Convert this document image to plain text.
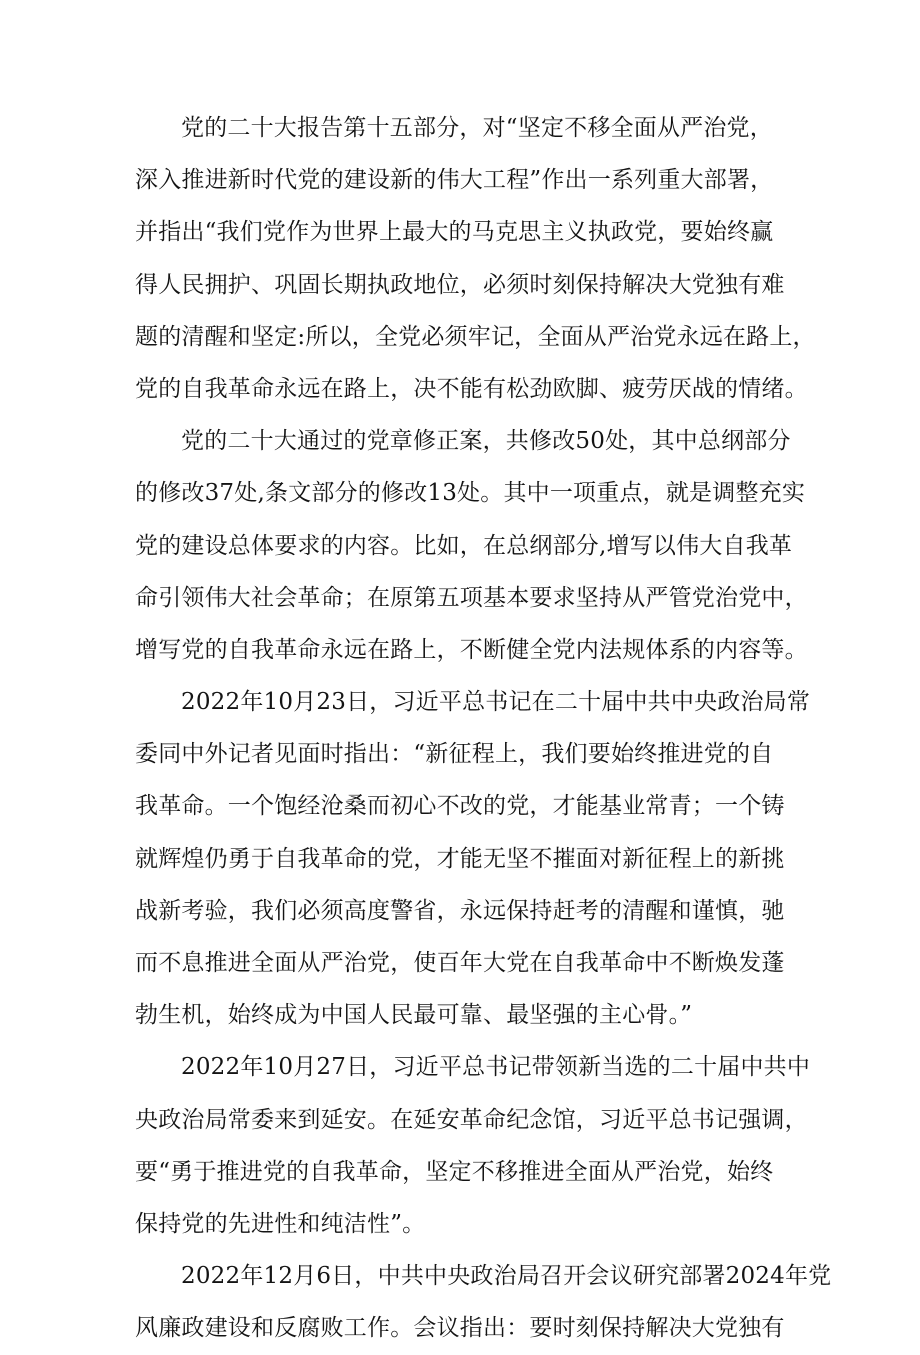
党的二十大报告第十五部分，对“坚定不移全面从严治党，
深入推进新时代党的建设新的伟大工程”作出一系列重大部署，
并指出“我们党作为世界上最大的马克思主义执政党，要始终赢
得人民拥护、巩固长期执政地位，必须时刻保持解决大党独有难
题的清醒和坚定:所以，全党必须牢记，全面从严治党永远在路上，
党的自我革命永远在路上，决不能有松劲欧脚、疲劳厌战的情绪。
党的二十大通过的党章修正案，共修改50处，其中总纲部分
的修改37处,条文部分的修改13处。其中一项重点，就是调整充实
党的建设总体要求的内容。比如，在总纲部分,增写以伟大自我革
命引领伟大社会革命；在原第五项基本要求坚持从严管党治党中，
增写党的自我革命永远在路上，不断健全党内法规体系的内容等。
2022年10月23日，习近平总书记在二十届中共中央政治局常
委同中外记者见面时指出：“新征程上，我们要始终推进党的自
我革命。一个饱经沧桑而初心不改的党，才能基业常青；一个铸
就辉煌仍勇于自我革命的党，才能无坚不摧面对新征程上的新挑
战新考验，我们必须高度警省，永远保持赶考的清醒和谨慎，驰
而不息推进全面从严治党，使百年大党在自我革命中不断焕发蓬
勃生机，始终成为中国人民最可靠、最坚强的主心骨。”
2022年10月27日，习近平总书记带领新当选的二十届中共中
央政治局常委来到延安。在延安革命纪念馆，习近平总书记强调，
要“勇于推进党的自我革命，坚定不移推进全面从严治党，始终
保持党的先进性和纯洁性”。
2022年12月6日，中共中央政治局召开会议研究部署2024年党
风廉政建设和反腐败工作。会议指出：要时刻保持解决大党独有
